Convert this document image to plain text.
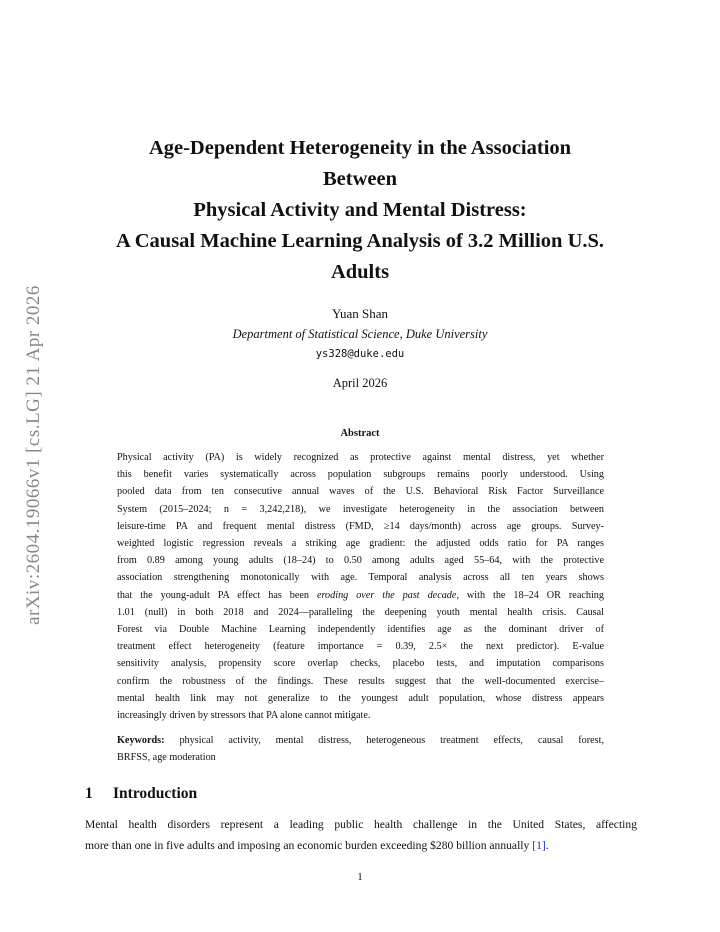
arXiv:2604.19066v1 [cs.LG] 21 Apr 2026
Age-Dependent Heterogeneity in the Association
Between
Physical Activity and Mental Distress:
A Causal Machine Learning Analysis of 3.2 Million U.S.
Adults
Yuan Shan
Department of Statistical Science, Duke University
ys328@duke.edu
April 2026
Abstract
Physical activity (PA) is widely recognized as protective against mental distress, yet whether
this benefit varies systematically across population subgroups remains poorly understood. Using
pooled data from ten consecutive annual waves of the U.S. Behavioral Risk Factor Surveillance
System (2015–2024; n = 3,242,218), we investigate heterogeneity in the association between
leisure-time PA and frequent mental distress (FMD, ≥14 days/month) across age groups. Survey-
weighted logistic regression reveals a striking age gradient: the adjusted odds ratio for PA ranges
from 0.89 among young adults (18–24) to 0.50 among adults aged 55–64, with the protective
association strengthening monotonically with age. Temporal analysis across all ten years shows
that the young-adult PA effect has been eroding over the past decade, with the 18–24 OR reaching
1.01 (null) in both 2018 and 2024—paralleling the deepening youth mental health crisis. Causal
Forest via Double Machine Learning independently identifies age as the dominant driver of
treatment effect heterogeneity (feature importance = 0.39, 2.5× the next predictor). E-value
sensitivity analysis, propensity score overlap checks, placebo tests, and imputation comparisons
confirm the robustness of the findings. These results suggest that the well-documented exercise–
mental health link may not generalize to the youngest adult population, whose distress appears
increasingly driven by stressors that PA alone cannot mitigate.
Keywords: physical activity, mental distress, heterogeneous treatment effects, causal forest,
BRFSS, age moderation
1 Introduction
Mental health disorders represent a leading public health challenge in the United States, affecting
more than one in five adults and imposing an economic burden exceeding $280 billion annually [1].
1
